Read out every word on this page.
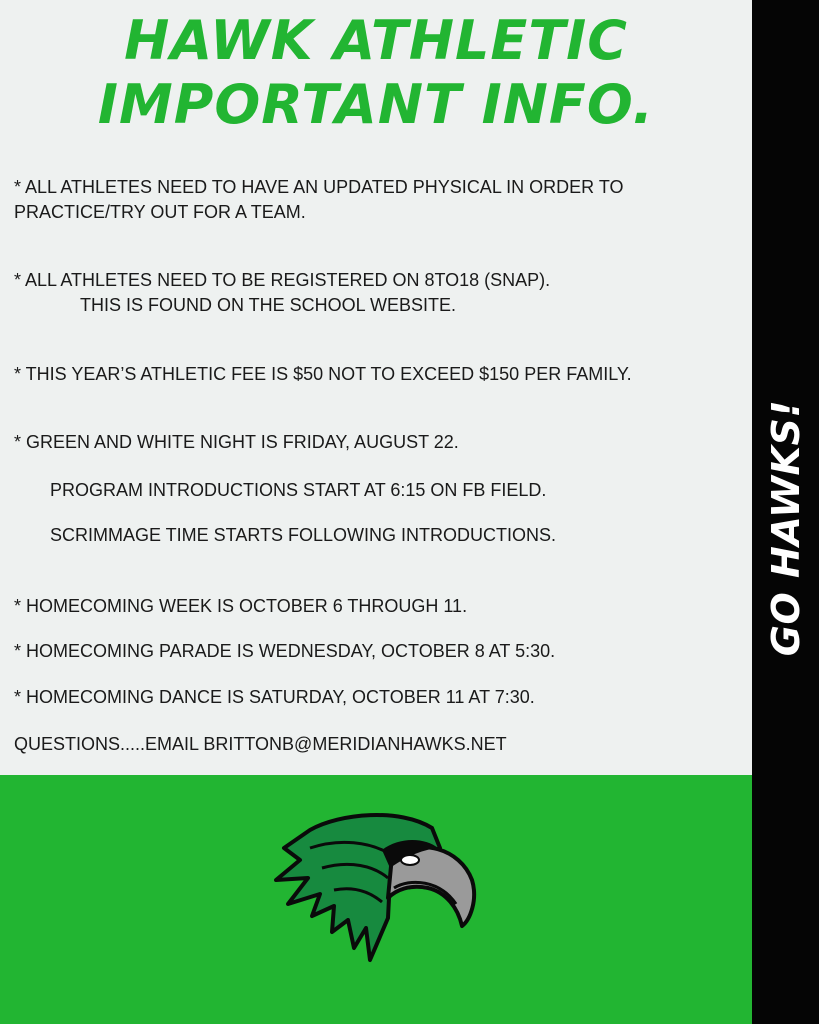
HAWK ATHLETIC
IMPORTANT INFO.

* ALL ATHLETES NEED TO HAVE AN UPDATED PHYSICAL IN ORDER TO

PRACTICE/TRY OUT FOR A TEAM.

* ALL ATHLETES NEED TO BE REGISTERED ON 8TO18 (SNAP).

THIS IS FOUND ON THE SCHOOL WEBSITE.

* THIS YEAR’S ATHLETIC FEE IS $50 NOT TO EXCEED $150 PER FAMILY.

* GREEN AND WHITE NIGHT IS FRIDAY, AUGUST 22.

PROGRAM INTRODUCTIONS START AT 6:15 ON FB FIELD.

SCRIMMAGE TIME STARTS FOLLOWING INTRODUCTIONS.

* HOMECOMING WEEK IS OCTOBER 6 THROUGH 11.

* HOMECOMING PARADE IS WEDNESDAY, OCTOBER 8 AT 5:30.

* HOMECOMING DANCE IS SATURDAY, OCTOBER 11 AT 7:30.

QUESTIONS.....EMAIL BRITTONB@MERIDIANHAWKS.NET

GO HAWKS!
